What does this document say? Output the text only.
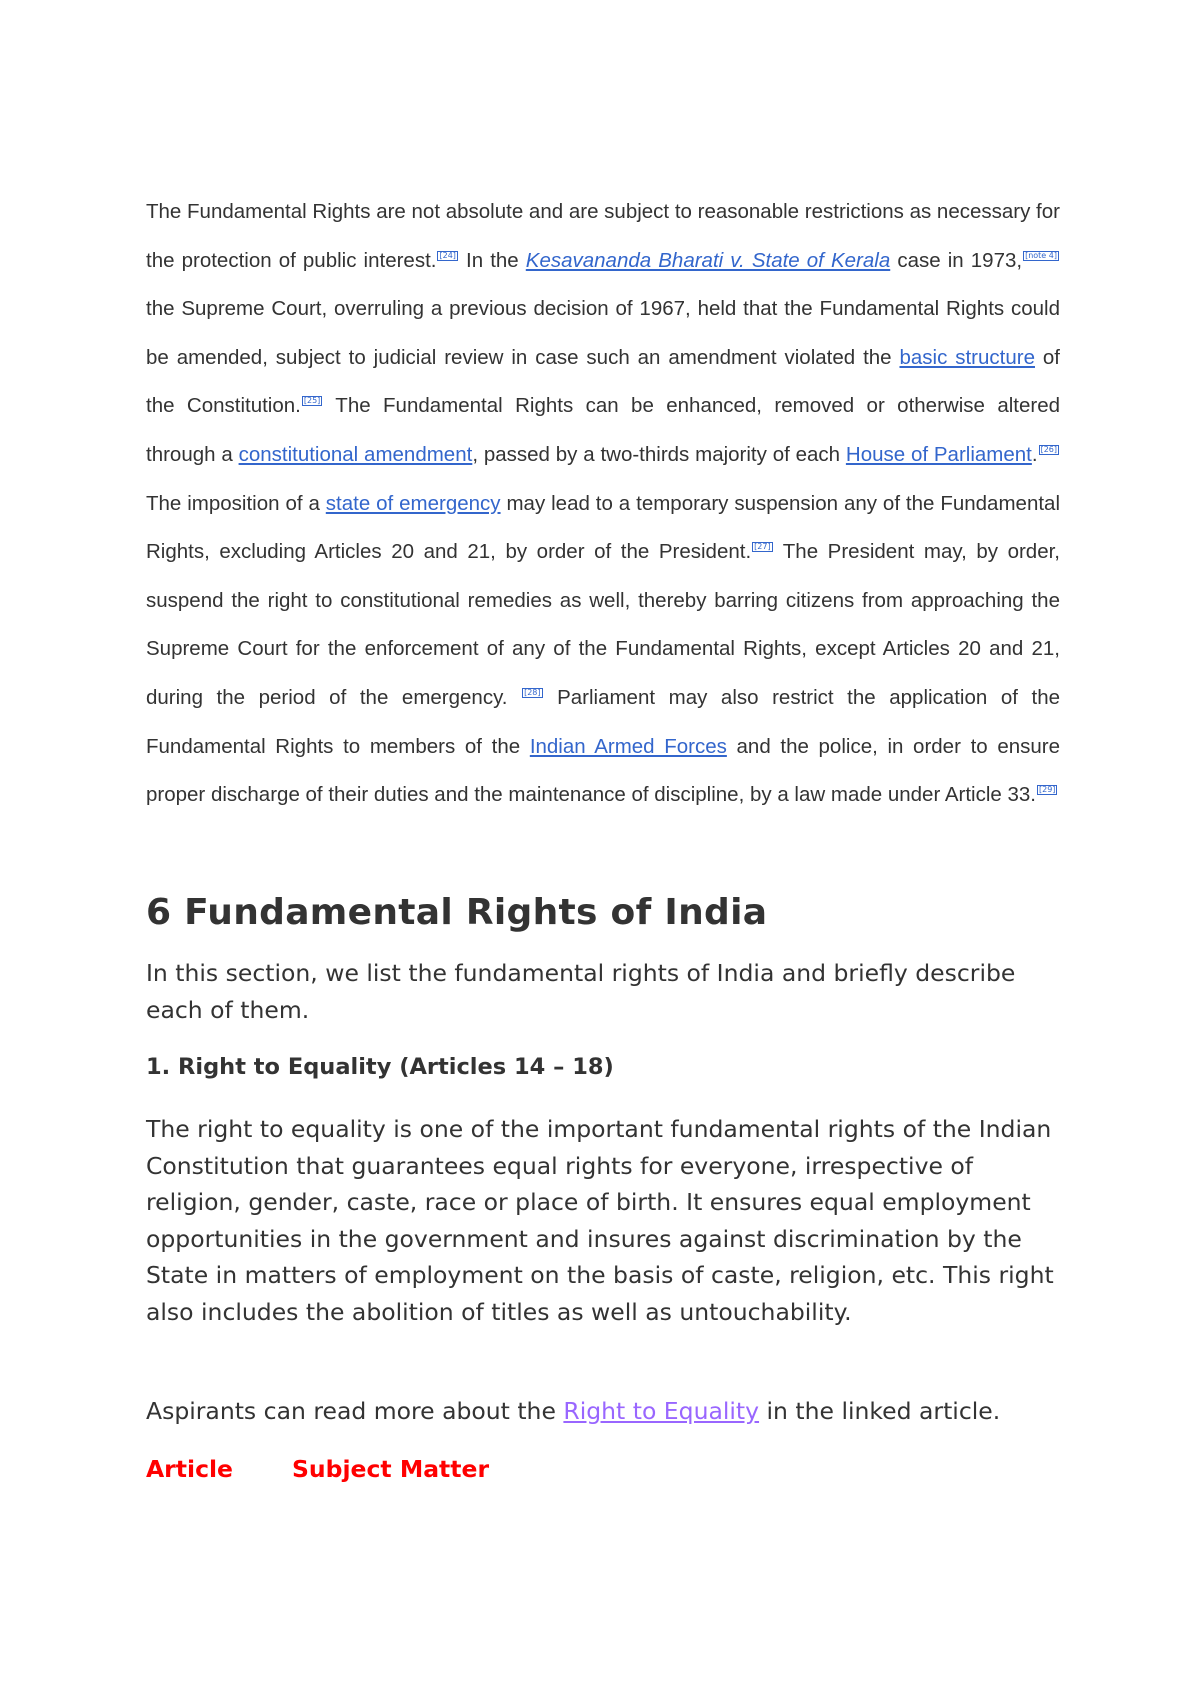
The Fundamental Rights are not absolute and are subject to reasonable restrictions as necessary for the protection of public interest. [24] In the Kesavananda Bharati v. State of Kerala case in 1973, [note 4] the Supreme Court, overruling a previous decision of 1967, held that the Fundamental Rights could be amended, subject to judicial review in case such an amendment violated the basic structure of the Constitution. [25] The Fundamental Rights can be enhanced, removed or otherwise altered through a constitutional amendment, passed by a two-thirds majority of each House of Parliament. [26] The imposition of a state of emergency may lead to a temporary suspension any of the Fundamental Rights, excluding Articles 20 and 21, by order of the President. [27] The President may, by order, suspend the right to constitutional remedies as well, thereby barring citizens from approaching the Supreme Court for the enforcement of any of the Fundamental Rights, except Articles 20 and 21, during the period of the emergency. [28] Parliament may also restrict the application of the Fundamental Rights to members of the Indian Armed Forces and the police, in order to ensure proper discharge of their duties and the maintenance of discipline, by a law made under Article 33. [29]

6 Fundamental Rights of India

In this section, we list the fundamental rights of India and briefly describe each of them.

1. Right to Equality (Articles 14 – 18)

The right to equality is one of the important fundamental rights of the Indian Constitution that guarantees equal rights for everyone, irrespective of religion, gender, caste, race or place of birth. It ensures equal employment opportunities in the government and insures against discrimination by the State in matters of employment on the basis of caste, religion, etc. This right also includes the abolition of titles as well as untouchability.

Aspirants can read more about the Right to Equality in the linked article.

Article	Subject Matter
